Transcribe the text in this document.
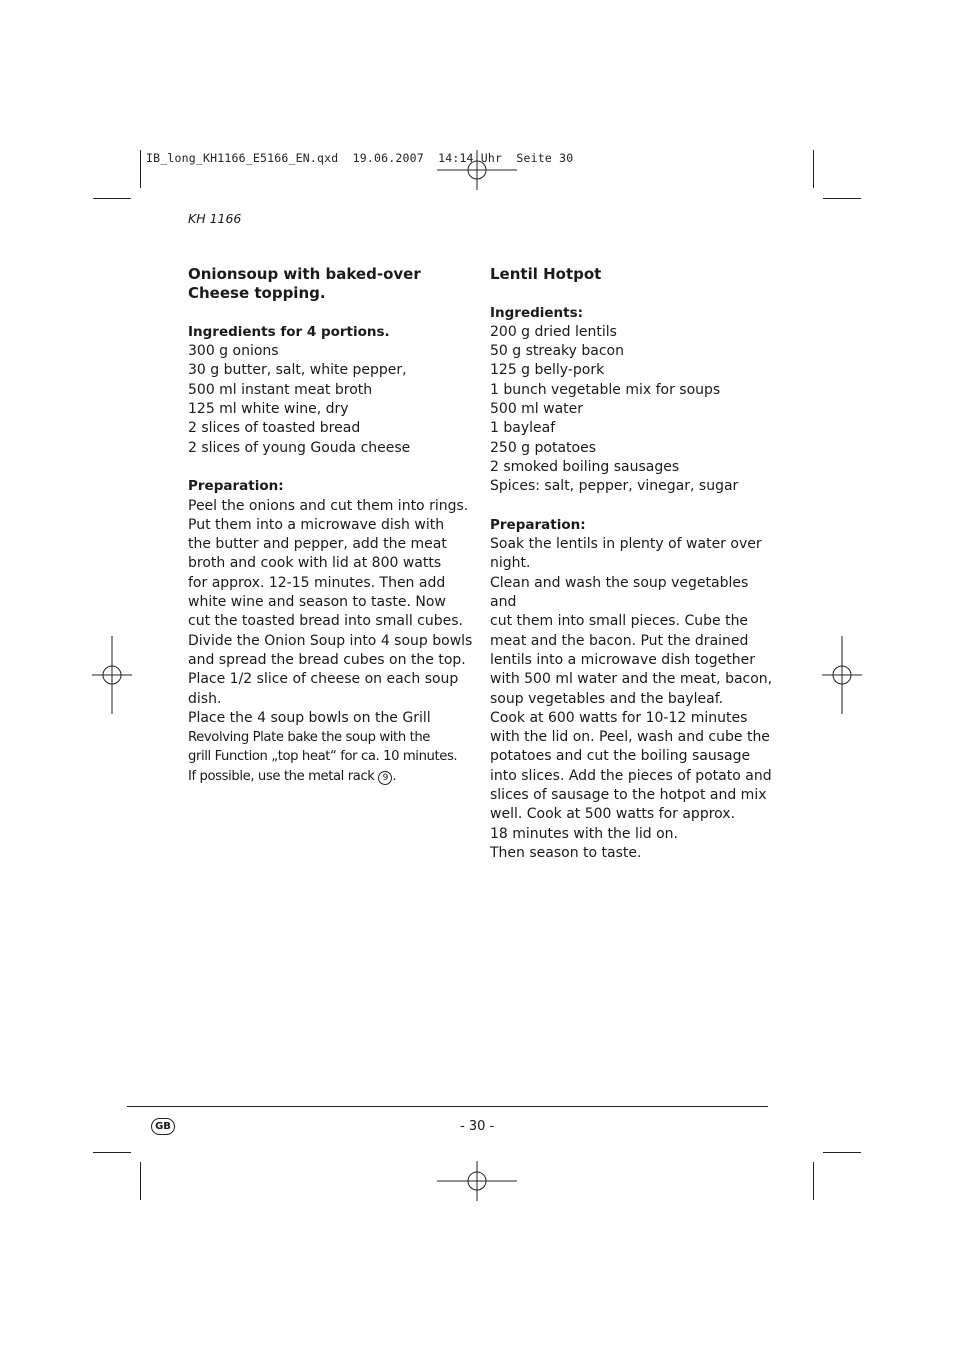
IB_long_KH1166_E5166_EN.qxd  19.06.2007  14:14 Uhr  Seite 30
KH 1166

Onionsoup with baked-over Cheese topping.

Ingredients for 4 portions.

300 g onions
30 g butter, salt, white pepper,
500 ml instant meat broth
125 ml white wine, dry
2 slices of toasted bread
2 slices of young Gouda cheese

Preparation:

Peel the onions and cut them into rings.
Put them into a microwave dish with
the butter and pepper, add the meat
broth and cook with lid at 800 watts
for approx. 12-15 minutes. Then add
white wine and season to taste. Now
cut the toasted bread into small cubes.
Divide the Onion Soup into 4 soup bowls
and spread the bread cubes on the top.
Place 1/2 slice of cheese on each soup
dish.
Place the 4 soup bowls on the Grill

Revolving Plate bake the soup with the
grill Function „top heat“ for ca. 10 minutes.
If possible, use the metal rack 9 .

Lentil Hotpot

Ingredients:

200 g dried lentils
50 g streaky bacon
125 g belly-pork
1 bunch vegetable mix for soups
500 ml water
1 bayleaf
250 g potatoes
2 smoked boiling sausages
Spices: salt, pepper, vinegar, sugar

Preparation:

Soak the lentils in plenty of water over
night.
Clean and wash the soup vegetables and
cut them into small pieces. Cube the
meat and the bacon. Put the drained
lentils into a microwave dish together
with 500 ml water and the meat, bacon,
soup vegetables and the bayleaf.
Cook at 600 watts for 10-12 minutes
with the lid on. Peel, wash and cube the
potatoes and cut the boiling sausage
into slices. Add the pieces of potato and
slices of sausage to the hotpot and mix
well. Cook at 500 watts for approx.
18 minutes with the lid on.
Then season to taste.

GB	- 30 -
